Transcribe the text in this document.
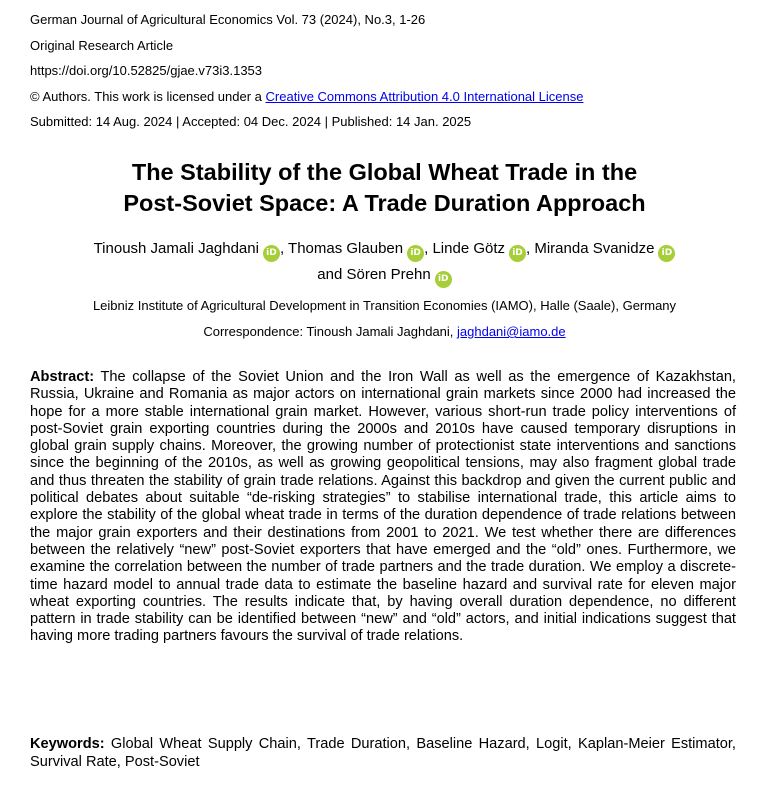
German Journal of Agricultural Economics Vol. 73 (2024), No.3, 1-26
Original Research Article
https://doi.org/10.52825/gjae.v73i3.1353
© Authors. This work is licensed under a Creative Commons Attribution 4.0 International License
Submitted: 14 Aug. 2024 | Accepted: 04 Dec. 2024 | Published: 14 Jan. 2025
The Stability of the Global Wheat Trade in the
Post-Soviet Space: A Trade Duration Approach
Tinoush Jamali Jaghdani iD , Thomas Glauben iD , Linde Götz iD , Miranda Svanidze iD
and Sören Prehn iD
Leibniz Institute of Agricultural Development in Transition Economies (IAMO), Halle (Saale), Germany
Correspondence: Tinoush Jamali Jaghdani, jaghdani@iamo.de
Abstract: The collapse of the Soviet Union and the Iron Wall as well as the emergence of Kazakhstan, Russia, Ukraine and Romania as major actors on international grain markets since 2000 had increased the hope for a more stable international grain market. However, various short-run trade policy interventions of post-Soviet grain exporting countries during the 2000s and 2010s have caused temporary disruptions in global grain supply chains. Moreover, the growing number of protectionist state interventions and sanctions since the beginning of the 2010s, as well as growing geopolitical tensions, may also fragment global trade and thus threaten the stability of grain trade relations. Against this backdrop and given the current public and political debates about suitable “de-risking strategies” to stabilise international trade, this article aims to explore the stability of the global wheat trade in terms of the duration dependence of trade relations between the major grain exporters and their destinations from 2001 to 2021. We test whether there are differences between the relatively “new” post-Soviet exporters that have emerged and the “old” ones. Furthermore, we examine the correlation between the number of trade partners and the trade duration. We employ a discrete-time hazard model to annual trade data to estimate the baseline hazard and survival rate for eleven major wheat exporting countries. The results indicate that, by having overall duration dependence, no different pattern in trade stability can be identified between “new” and “old” actors, and initial indications suggest that having more trading partners favours the survival of trade relations.
Keywords: Global Wheat Supply Chain, Trade Duration, Baseline Hazard, Logit, Kaplan-Meier Estimator, Survival Rate, Post-Soviet
